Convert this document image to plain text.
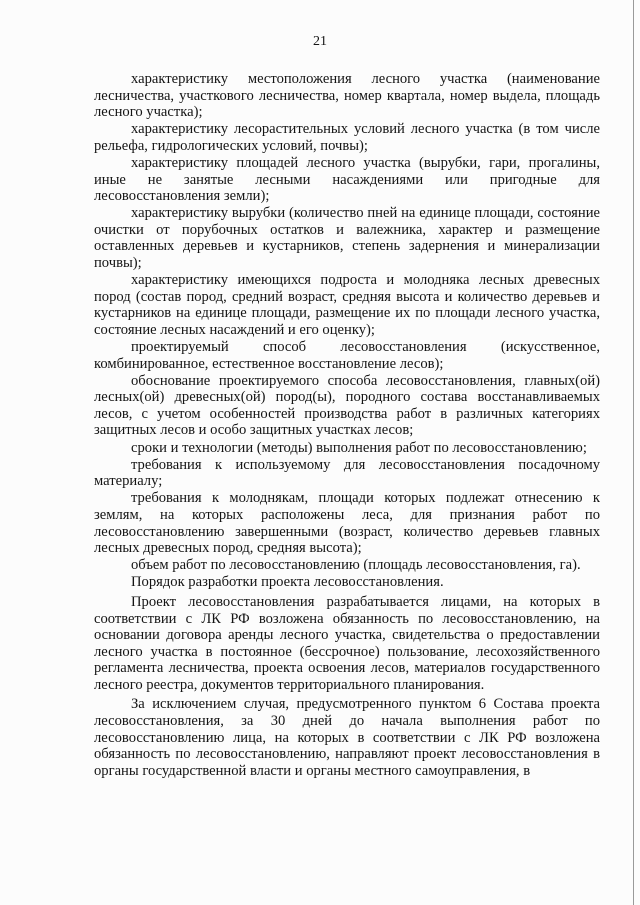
21

характеристику местоположения лесного участка (наименование лесничества, участкового лесничества, номер квартала, номер выдела, площадь лесного участка);

характеристику лесорастительных условий лесного участка (в том числе рельефа, гидрологических условий, почвы);

характеристику площадей лесного участка (вырубки, гари, прогалины, иные не занятые лесными насаждениями или пригодные для лесовосстановления земли);

характеристику вырубки (количество пней на единице площади, состояние очистки от порубочных остатков и валежника, характер и размещение оставленных деревьев и кустарников, степень задернения и минерализации почвы);

характеристику имеющихся подроста и молодняка лесных древесных пород (состав пород, средний возраст, средняя высота и количество деревьев и кустарников на единице площади, размещение их по площади лесного участка, состояние лесных насаждений и его оценку);

проектируемый способ лесовосстановления (искусственное, комбинированное, естественное восстановление лесов);

обоснование проектируемого способа лесовосстановления, главных(ой) лесных(ой) древесных(ой) пород(ы), породного состава восстанавливаемых лесов, с учетом особенностей производства работ в различных категориях защитных лесов и особо защитных участках лесов;

сроки и технологии (методы) выполнения работ по лесовосстановлению;

требования к используемому для лесовосстановления посадочному материалу;

требования к молоднякам, площади которых подлежат отнесению к землям, на которых расположены леса, для признания работ по лесовосстановлению завершенными (возраст, количество деревьев главных лесных древесных пород, средняя высота);

объем работ по лесовосстановлению (площадь лесовосстановления, га).

Порядок разработки проекта лесовосстановления.

Проект лесовосстановления разрабатывается лицами, на которых в соответствии с ЛК РФ возложена обязанность по лесовосстановлению, на основании договора аренды лесного участка, свидетельства о предоставлении лесного участка в постоянное (бессрочное) пользование, лесохозяйственного регламента лесничества, проекта освоения лесов, материалов государственного лесного реестра, документов территориального планирования.

За исключением случая, предусмотренного пунктом 6 Состава проекта лесовосстановления, за 30 дней до начала выполнения работ по лесовосстановлению лица, на которых в соответствии с ЛК РФ возложена обязанность по лесовосстановлению, направляют проект лесовосстановления в органы государственной власти и органы местного самоуправления, в
